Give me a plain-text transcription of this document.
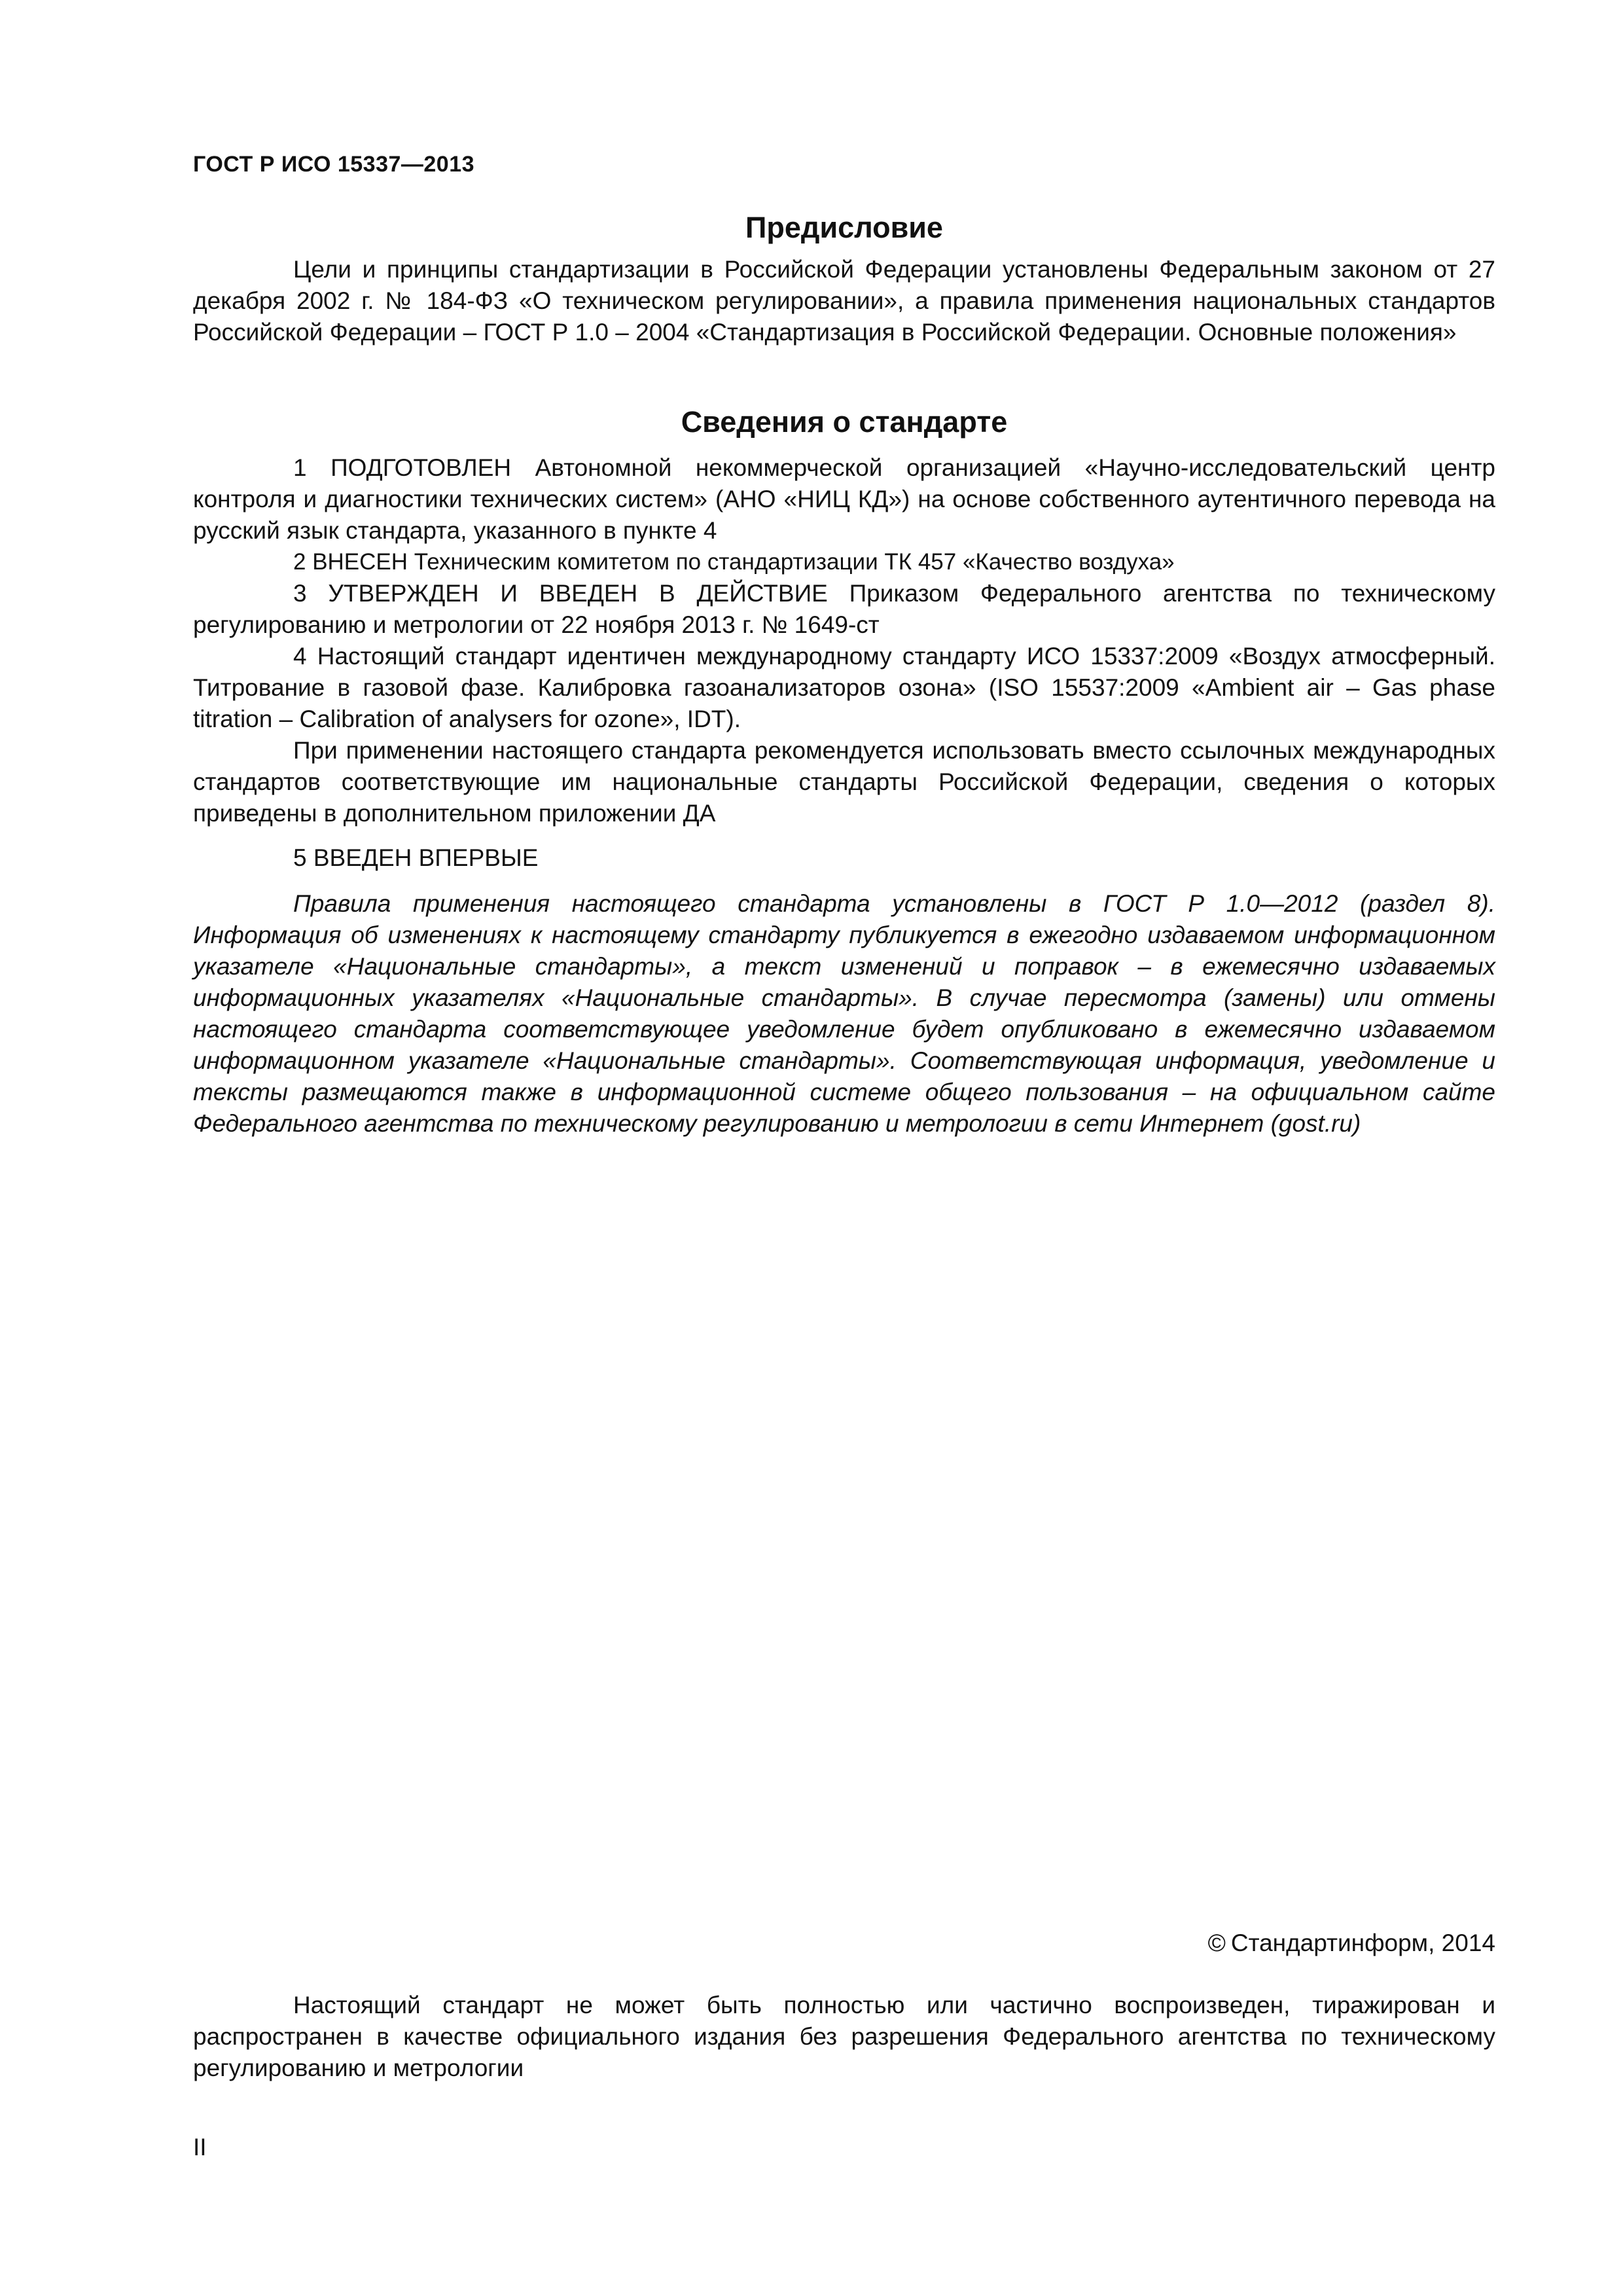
ГОСТ Р ИСО 15337—2013
Предисловие

Цели и принципы стандартизации в Российской Федерации установлены Федеральным законом от 27 декабря 2002 г. № 184-ФЗ «О техническом регулировании», а правила применения национальных стандартов Российской Федерации – ГОСТ Р 1.0 – 2004 «Стандартизация в Российской Федерации. Основные положения»

Сведения о стандарте

1 ПОДГОТОВЛЕН Автономной некоммерческой организацией «Научно-исследовательский центр контроля и диагностики технических систем» (АНО «НИЦ КД») на основе собственного аутентичного перевода на русский язык стандарта, указанного в пункте 4

2 ВНЕСЕН Техническим комитетом по стандартизации ТК 457 «Качество воздуха»

3 УТВЕРЖДЕН И ВВЕДЕН В ДЕЙСТВИЕ Приказом Федерального агентства по техническому регулированию и метрологии от 22 ноября 2013 г. № 1649-ст

4 Настоящий стандарт идентичен международному стандарту ИСО 15337:2009 «Воздух атмосферный. Титрование в газовой фазе. Калибровка газоанализаторов озона» (ISO 15537:2009 «Ambient air – Gas phase titration – Calibration of analysers for ozone», IDT).

При применении настоящего стандарта рекомендуется использовать вместо ссылочных международных стандартов соответствующие им национальные стандарты Российской Федерации, сведения о которых приведены в дополнительном приложении ДА

5 ВВЕДЕН ВПЕРВЫЕ

Правила применения настоящего стандарта установлены в ГОСТ Р 1.0—2012 (раздел 8). Информация об изменениях к настоящему стандарту публикуется в ежегодно издаваемом информационном указателе «Национальные стандарты», а текст изменений и поправок – в ежемесячно издаваемых информационных указателях «Национальные стандарты». В случае пересмотра (замены) или отмены настоящего стандарта соответствующее уведомление будет опубликовано в ежемесячно издаваемом информационном указателе «Национальные стандарты». Соответствующая информация, уведомление и тексты размещаются также в информационной системе общего пользования – на официальном сайте Федерального агентства по техническому регулированию и метрологии в сети Интернет (gost.ru)

© Стандартинформ, 2014

Настоящий стандарт не может быть полностью или частично воспроизведен, тиражирован и распространен в качестве официального издания без разрешения Федерального агентства по техническому регулированию и метрологии

II
